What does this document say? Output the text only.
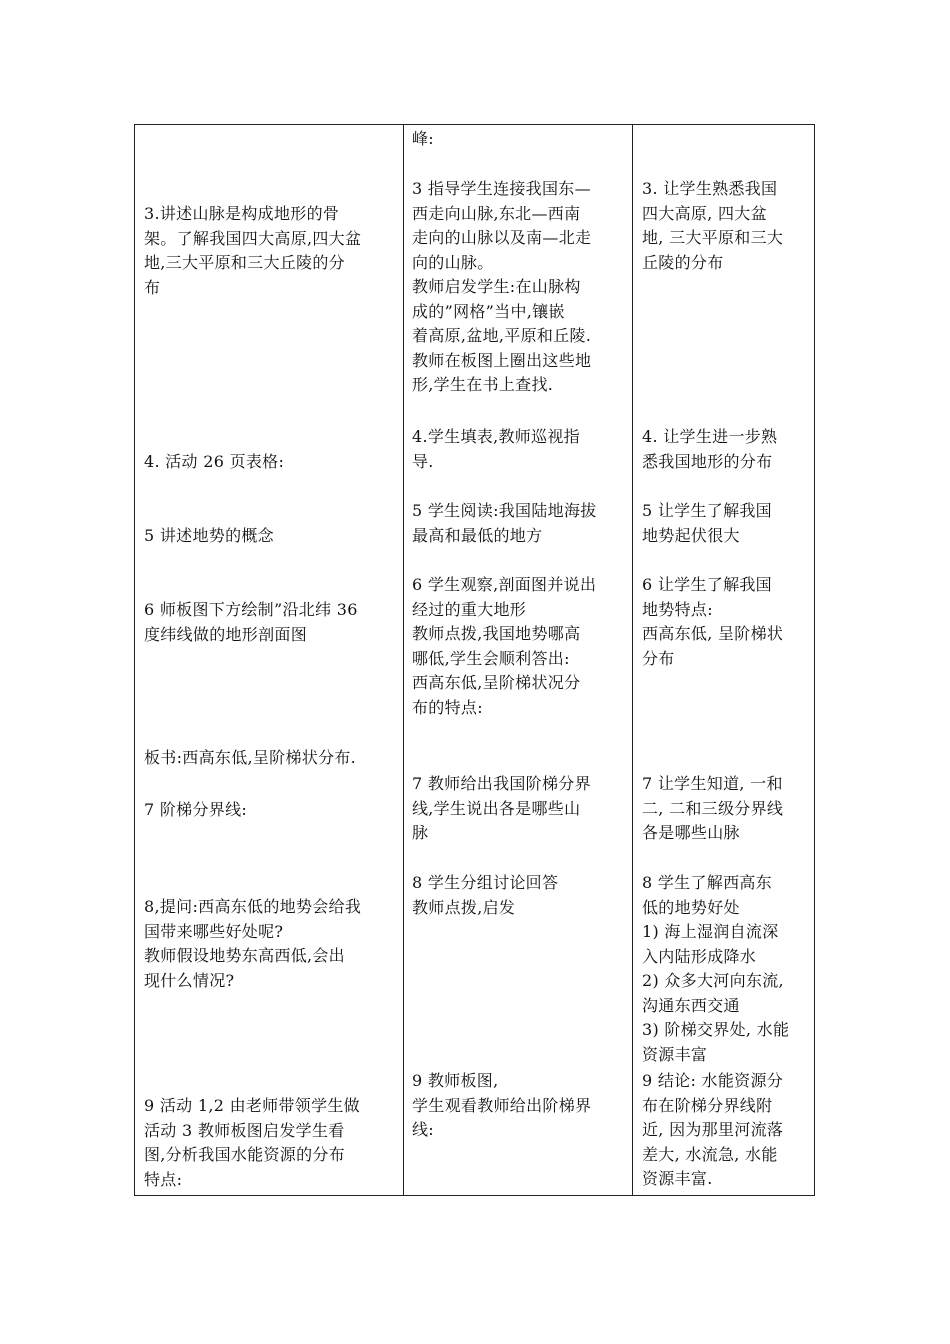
3.讲述山脉是构成地形的骨
架。了解我国四大高原,四大盆
地,三大平原和三大丘陵的分
布
4. 活动 26 页表格:
5 讲述地势的概念
6 师板图下方绘制”沿北纬 36
度纬线做的地形剖面图
板书:西高东低,呈阶梯状分布.
7 阶梯分界线:
8,提问:西高东低的地势会给我
国带来哪些好处呢?
教师假设地势东高西低,会出
现什么情况?
9 活动 1,2 由老师带领学生做
活动 3 教师板图启发学生看
图,分析我国水能资源的分布
特点:
峰:
3 指导学生连接我国东—
西走向山脉,东北—西南
走向的山脉以及南—北走
向的山脉。
教师启发学生:在山脉构
成的”网格”当中,镶嵌
着高原,盆地,平原和丘陵.
教师在板图上圈出这些地
形,学生在书上查找.
4.学生填表,教师巡视指
导.
5 学生阅读:我国陆地海拔
最高和最低的地方
6 学生观察,剖面图并说出
经过的重大地形
教师点拨,我国地势哪高
哪低,学生会顺利答出:
西高东低,呈阶梯状况分
布的特点:
7 教师给出我国阶梯分界
线,学生说出各是哪些山
脉
8 学生分组讨论回答
教师点拨,启发
9 教师板图,
学生观看教师给出阶梯界
线:
3. 让学生熟悉我国
四大高原, 四大盆
地, 三大平原和三大
丘陵的分布
4. 让学生进一步熟
悉我国地形的分布
5 让学生了解我国
地势起伏很大
6 让学生了解我国
地势特点:
西高东低, 呈阶梯状
分布
7 让学生知道, 一和
二, 二和三级分界线
各是哪些山脉
8 学生了解西高东
低的地势好处
1) 海上湿润自流深
入内陆形成降水
2) 众多大河向东流,
沟通东西交通
3) 阶梯交界处, 水能
资源丰富
9 结论: 水能资源分
布在阶梯分界线附
近, 因为那里河流落
差大, 水流急, 水能
资源丰富.
